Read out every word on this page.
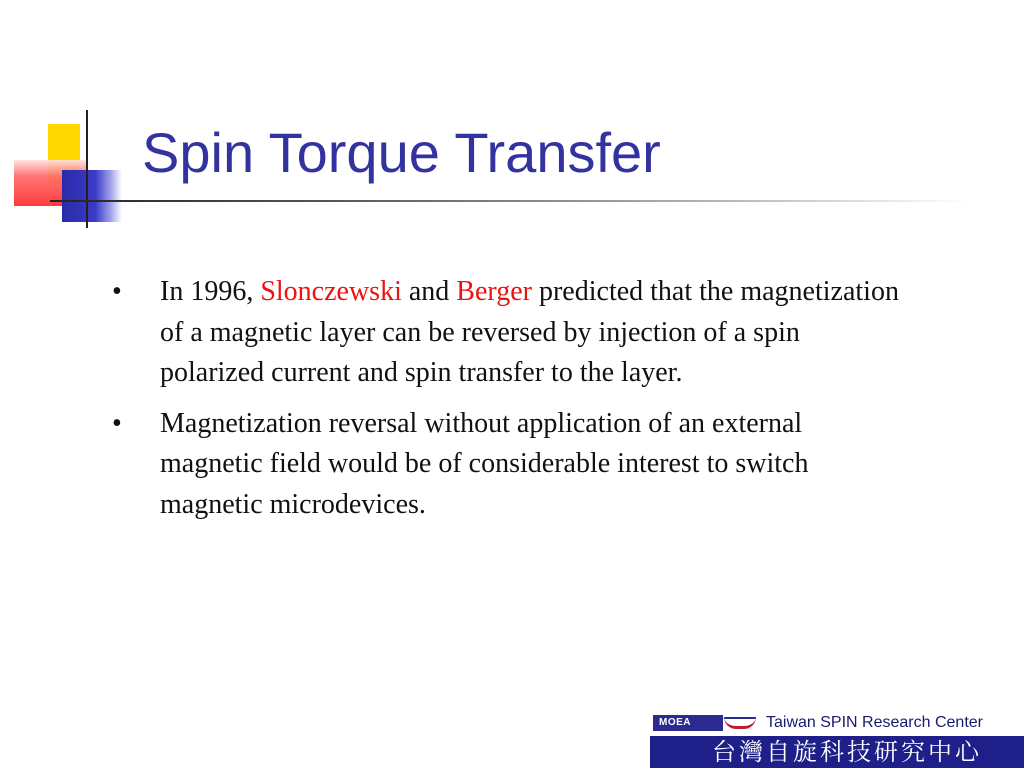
Spin Torque Transfer
• In 1996, Slonczewski and Berger predicted that the magnetization of a magnetic layer can be reversed by injection of a spin polarized current and spin transfer to the layer.
• Magnetization reversal without application of an external magnetic field would be of considerable interest to switch magnetic microdevices.
MOEA	Taiwan SPIN Research Center
台灣自旋科技研究中心
